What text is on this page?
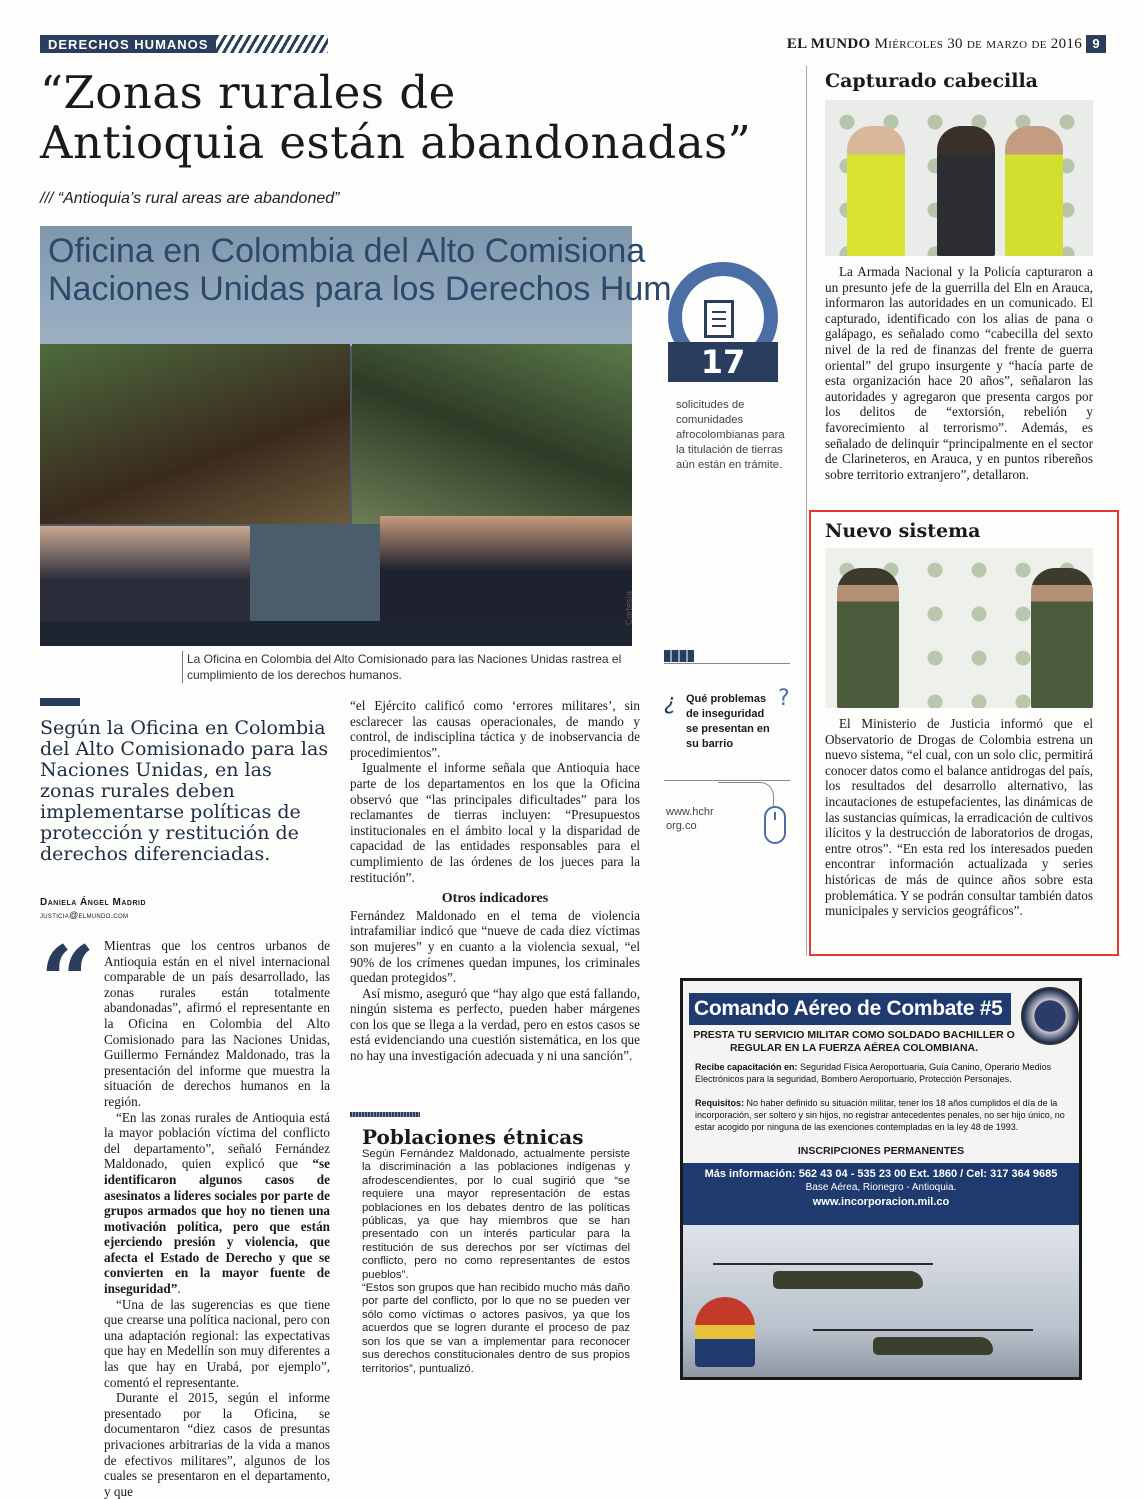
DERECHOS HUMANOS	EL MUNDO Miércoles 30 de marzo de 2016 9
“Zonas rurales de
Antioquia están abandonadas”
/// “Antioquia’s rural areas are abandoned”
Oficina en Colombia del Alto Comisiona
Naciones Unidas para los Derechos Hum
Cortesía
La Oficina en Colombia del Alto Comisionado para las Naciones Unidas rastrea el cumplimiento de los derechos humanos.
Según la Oficina en Colombia del Alto Comisionado para las Naciones Unidas, en las zonas rurales deben implementarse políticas de protección y restitución de derechos diferenciadas.
Daniela Ángel Madrid
justicia@elmundo.com
“ Mientras que los centros urbanos de Antioquia están en el nivel internacional comparable de un país desarrollado, las zonas rurales están totalmente abandonadas”, afirmó el representante en la Oficina en Colombia del Alto Comisionado para las Naciones Unidas, Guillermo Fernández Maldonado, tras la presentación del informe que muestra la situación de derechos humanos en la región.

“En las zonas rurales de Antioquia está la mayor población víctima del conflicto del departamento”, señaló Fernández Maldonado, quien explicó que “se identificaron algunos casos de asesinatos a líderes sociales por parte de grupos armados que hoy no tienen una motivación política, pero que están ejerciendo presión y violencia, que afecta el Estado de Derecho y que se convierten en la mayor fuente de inseguridad”.

“Una de las sugerencias es que tiene que crearse una política nacional, pero con una adaptación regional: las expectativas que hay en Medellín son muy diferentes a las que hay en Urabá, por ejemplo”, comentó el representante.

Durante el 2015, según el informe presentado por la Oficina, se documentaron “diez casos de presuntas privaciones arbitrarias de la vida a manos de efectivos militares”, algunos de los cuales se presentaron en el departamento, y que

“el Ejército calificó como ‘errores militares’, sin esclarecer las causas operacionales, de mando y control, de indisciplina táctica y de inobservancia de procedimientos”.

Igualmente el informe señala que Antioquia hace parte de los departamentos en los que la Oficina observó que “las principales dificultades” para los reclamantes de tierras incluyen: “Presupuestos institucionales en el ámbito local y la disparidad de capacidad de las entidades responsables para el cumplimiento de las órdenes de los jueces para la restitución”.

Otros indicadores

Fernández Maldonado en el tema de violencia intrafamiliar indicó que “nueve de cada diez víctimas son mujeres” y en cuanto a la violencia sexual, “el 90% de los crímenes quedan impunes, los criminales quedan protegidos”.

Así mismo, aseguró que “hay algo que está fallando, ningún sistema es perfecto, pueden haber márgenes con los que se llega a la verdad, pero en estos casos se está evidenciando una cuestión sistemática, en los que no hay una investigación adecuada y ni una sanción”.

Poblaciones étnicas

Según Fernández Maldonado, actualmente persiste la discriminación a las poblaciones indígenas y afrodescendientes, por lo cual sugirió que “se requiere una mayor representación de estas poblaciones en los debates dentro de las políticas públicas, ya que hay miembros que se han presentado con un interés particular para la restitución de sus derechos por ser víctimas del conflicto, pero no como representantes de estos pueblos”.

“Estos son grupos que han recibido mucho más daño por parte del conflicto, por lo que no se pueden ver sólo como víctimas o actores pasivos, ya que los acuerdos que se logren durante el proceso de paz son los que se van a implementar para reconocer sus derechos constitucionales dentro de sus propios territorios”, puntualizó.

17
solicitudes de comunidades afrocolombianas para la titulación de tierras aún están en trámite.
¿ Qué problemas de inseguridad se presentan en su barrio
?
www.hchr
org.co
Capturado cabecilla

La Armada Nacional y la Policía capturaron a un presunto jefe de la guerrilla del Eln en Arauca, informaron las autoridades en un comunicado. El capturado, identificado con los alias de pana o galápago, es señalado como “cabecilla del sexto nivel de la red de finanzas del frente de guerra oriental” del grupo insurgente y “hacía parte de esta organización hace 20 años”, señalaron las autoridades y agregaron que presenta cargos por los delitos de “extorsión, rebelión y favorecimiento al terrorismo”. Además, es señalado de delinquir “principalmente en el sector de Clarineteros, en Arauca, y en puntos ribereños sobre territorio extranjero”, detallaron.

Nuevo sistema

El Ministerio de Justicia informó que el Observatorio de Drogas de Colombia estrena un nuevo sistema, “el cual, con un solo clic, permitirá conocer datos como el balance antidrogas del país, los resultados del desarrollo alternativo, las incautaciones de estupefacientes, las dinámicas de las sustancias químicas, la erradicación de cultivos ilícitos y la destrucción de laboratorios de drogas, entre otros”. “En esta red los interesados pueden encontrar información actualizada y series históricas de más de quince años sobre esta problemática. Y se podrán consultar también datos municipales y servicios geográficos”.

Comando Aéreo de Combate #5
PRESTA TU SERVICIO MILITAR COMO SOLDADO BACHILLER O REGULAR EN LA FUERZA AÉREA COLOMBIANA.
Recibe capacitación en: Seguridad Física Aeroportuaria, Guía Canino, Operario Medios Electrónicos para la seguridad, Bombero Aeroportuario, Protección Personajes.
Requisitos: No haber definido su situación militar, tener los 18 años cumplidos el día de la incorporación, ser soltero y sin hijos, no registrar antecedentes penales, no ser hijo único, no estar acogido por ninguna de las exenciones contempladas en la ley 48 de 1993.
INSCRIPCIONES PERMANENTES
Más información: 562 43 04 - 535 23 00 Ext. 1860 / Cel: 317 364 9685
Base Aérea, Rionegro - Antioquia.
www.incorporacion.mil.co
